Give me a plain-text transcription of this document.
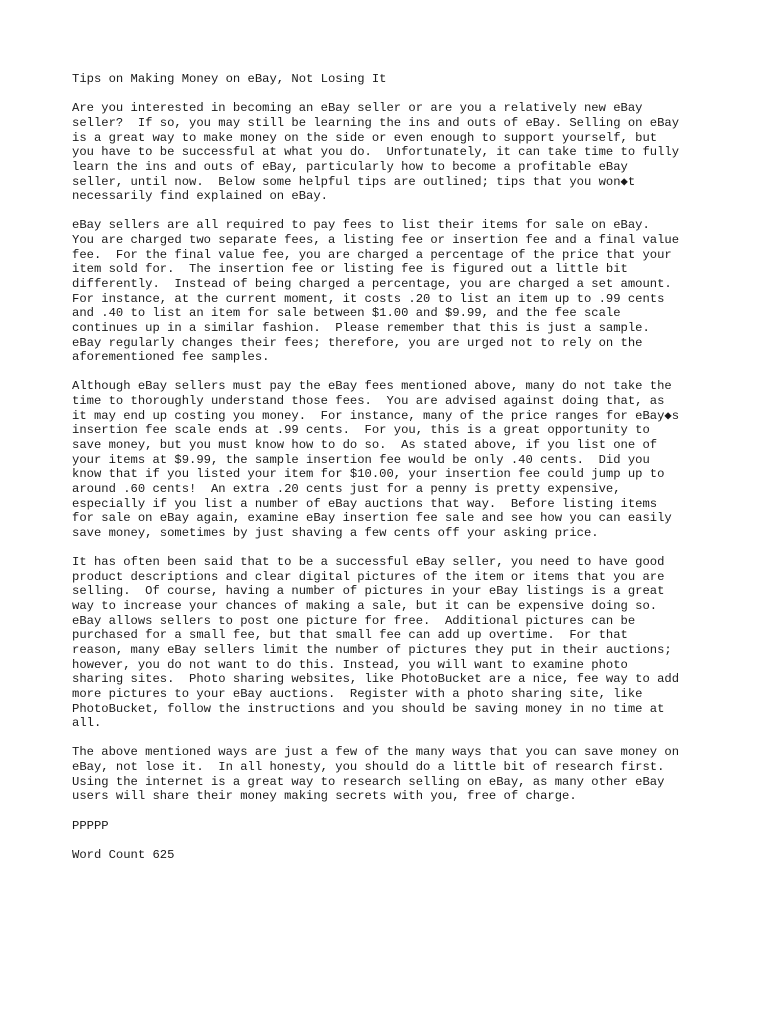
Tips on Making Money on eBay, Not Losing It
Are you interested in becoming an eBay seller or are you a relatively new eBay
seller?  If so, you may still be learning the ins and outs of eBay. Selling on eBay
is a great way to make money on the side or even enough to support yourself, but
you have to be successful at what you do.  Unfortunately, it can take time to fully
learn the ins and outs of eBay, particularly how to become a profitable eBay
seller, until now.  Below some helpful tips are outlined; tips that you won◆t
necessarily find explained on eBay.
eBay sellers are all required to pay fees to list their items for sale on eBay.
You are charged two separate fees, a listing fee or insertion fee and a final value
fee.  For the final value fee, you are charged a percentage of the price that your
item sold for.  The insertion fee or listing fee is figured out a little bit
differently.  Instead of being charged a percentage, you are charged a set amount.
For instance, at the current moment, it costs .20 to list an item up to .99 cents
and .40 to list an item for sale between $1.00 and $9.99, and the fee scale
continues up in a similar fashion.  Please remember that this is just a sample.
eBay regularly changes their fees; therefore, you are urged not to rely on the
aforementioned fee samples.
Although eBay sellers must pay the eBay fees mentioned above, many do not take the
time to thoroughly understand those fees.  You are advised against doing that, as
it may end up costing you money.  For instance, many of the price ranges for eBay◆s
insertion fee scale ends at .99 cents.  For you, this is a great opportunity to
save money, but you must know how to do so.  As stated above, if you list one of
your items at $9.99, the sample insertion fee would be only .40 cents.  Did you
know that if you listed your item for $10.00, your insertion fee could jump up to
around .60 cents!  An extra .20 cents just for a penny is pretty expensive,
especially if you list a number of eBay auctions that way.  Before listing items
for sale on eBay again, examine eBay insertion fee sale and see how you can easily
save money, sometimes by just shaving a few cents off your asking price.
It has often been said that to be a successful eBay seller, you need to have good
product descriptions and clear digital pictures of the item or items that you are
selling.  Of course, having a number of pictures in your eBay listings is a great
way to increase your chances of making a sale, but it can be expensive doing so.
eBay allows sellers to post one picture for free.  Additional pictures can be
purchased for a small fee, but that small fee can add up overtime.  For that
reason, many eBay sellers limit the number of pictures they put in their auctions;
however, you do not want to do this. Instead, you will want to examine photo
sharing sites.  Photo sharing websites, like PhotoBucket are a nice, fee way to add
more pictures to your eBay auctions.  Register with a photo sharing site, like
PhotoBucket, follow the instructions and you should be saving money in no time at
all.
The above mentioned ways are just a few of the many ways that you can save money on
eBay, not lose it.  In all honesty, you should do a little bit of research first.
Using the internet is a great way to research selling on eBay, as many other eBay
users will share their money making secrets with you, free of charge.
PPPPP
Word Count 625
